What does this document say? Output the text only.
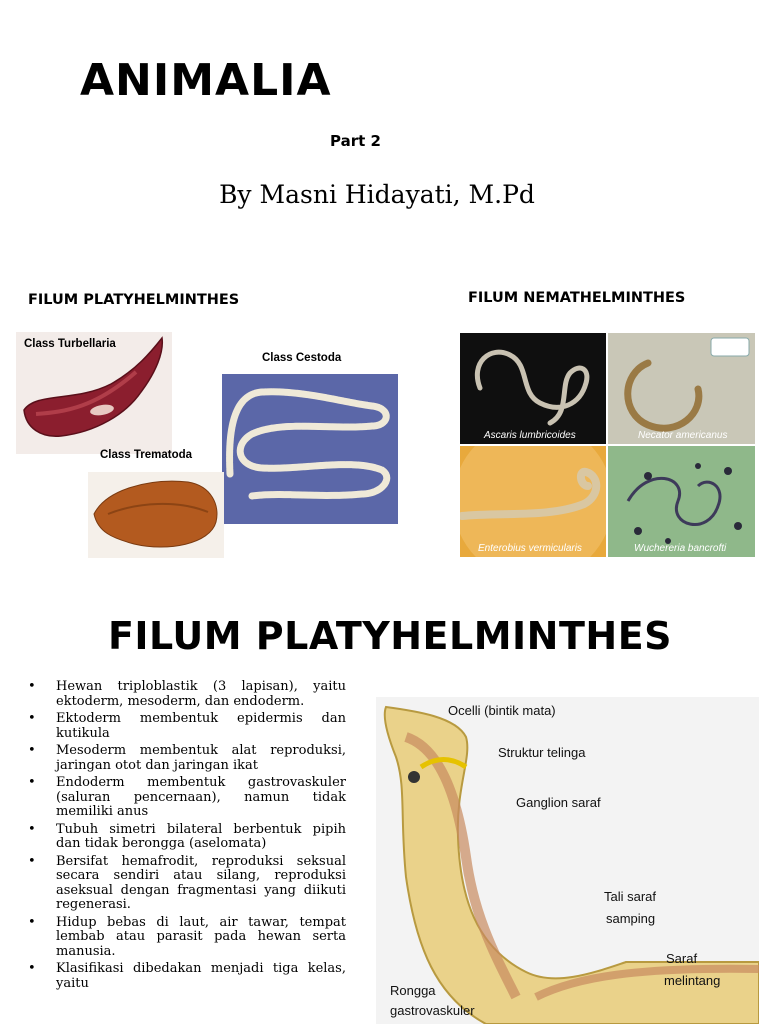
ANIMALIA
Part 2
By Masni Hidayati, M.Pd
FILUM PLATYHELMINTHES	FILUM NEMATHELMINTHES
Class Turbellaria
Class Cestoda
Class Trematoda
Ascaris lumbricoides	Necator americanus
Enterobius vermicularis	Wuchereria bancrofti
FILUM PLATYHELMINTHES
• Hewan triploblastik (3 lapisan), yaitu ektoderm, mesoderm, dan endoderm.
• Ektoderm membentuk epidermis dan kutikula
• Mesoderm membentuk alat reproduksi, jaringan otot dan jaringan ikat
• Endoderm membentuk gastrovaskuler (saluran pencernaan), namun tidak memiliki anus
• Tubuh simetri bilateral berbentuk pipih dan tidak berongga (aselomata)
• Bersifat hemafrodit, reproduksi seksual secara sendiri atau silang, reproduksi aseksual dengan fragmentasi yang diikuti regenerasi.
• Hidup bebas di laut, air tawar, tempat lembab atau parasit pada hewan serta manusia.
• Klasifikasi dibedakan menjadi tiga kelas, yaitu
Ocelli (bintik mata)
Struktur telinga
Ganglion saraf
Tali saraf
samping
Saraf
melintang
Rongga
gastrovaskuler
